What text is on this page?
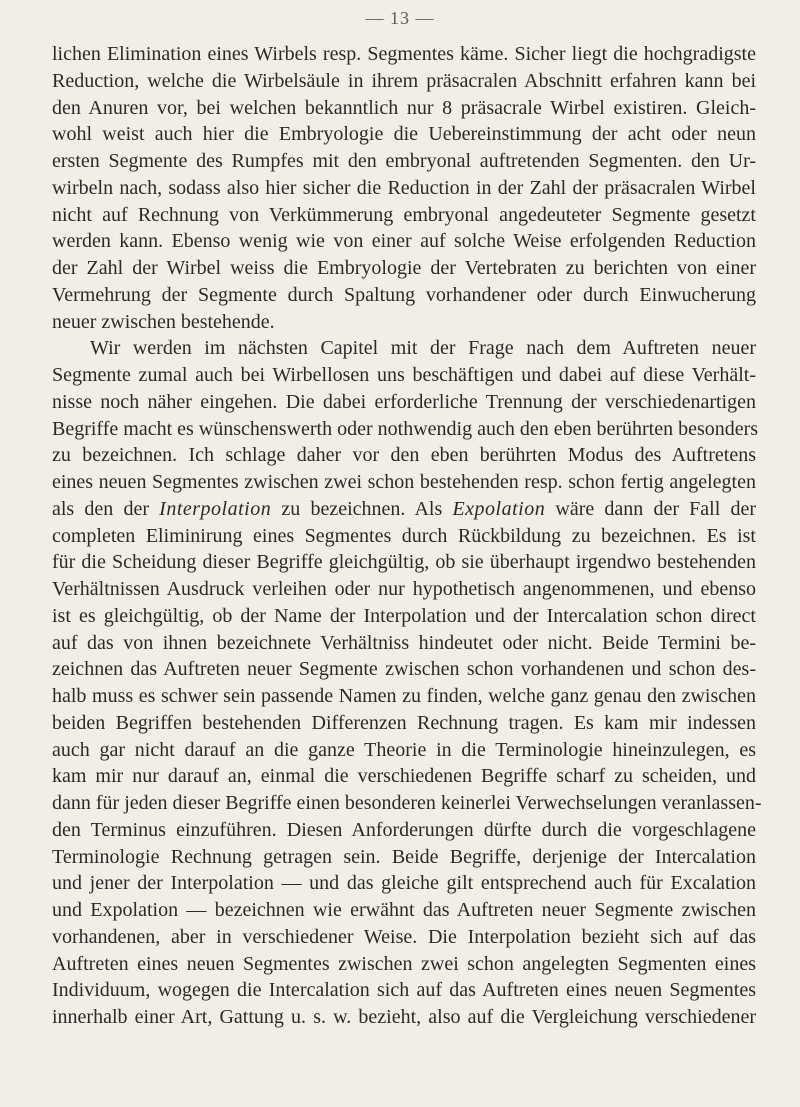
— 13 —
lichen Elimination eines Wirbels resp. Segmentes käme. Sicher liegt die hochgradigste
Reduction, welche die Wirbelsäule in ihrem präsacralen Abschnitt erfahren kann bei
den Anuren vor, bei welchen bekanntlich nur 8 präsacrale Wirbel existiren. Gleich-
wohl weist auch hier die Embryologie die Uebereinstimmung der acht oder neun
ersten Segmente des Rumpfes mit den embryonal auftretenden Segmenten. den Ur-
wirbeln nach, sodass also hier sicher die Reduction in der Zahl der präsacralen Wirbel
nicht auf Rechnung von Verkümmerung embryonal angedeuteter Segmente gesetzt
werden kann. Ebenso wenig wie von einer auf solche Weise erfolgenden Reduction
der Zahl der Wirbel weiss die Embryologie der Vertebraten zu berichten von einer
Vermehrung der Segmente durch Spaltung vorhandener oder durch Einwucherung
neuer zwischen bestehende.
Wir werden im nächsten Capitel mit der Frage nach dem Auftreten neuer
Segmente zumal auch bei Wirbellosen uns beschäftigen und dabei auf diese Verhält-
nisse noch näher eingehen. Die dabei erforderliche Trennung der verschiedenartigen
Begriffe macht es wünschenswerth oder nothwendig auch den eben berührten besonders
zu bezeichnen. Ich schlage daher vor den eben berührten Modus des Auftretens
eines neuen Segmentes zwischen zwei schon bestehenden resp. schon fertig angelegten
als den der Interpolation zu bezeichnen. Als Expolation wäre dann der Fall der
completen Eliminirung eines Segmentes durch Rückbildung zu bezeichnen. Es ist
für die Scheidung dieser Begriffe gleichgültig, ob sie überhaupt irgendwo bestehenden
Verhältnissen Ausdruck verleihen oder nur hypothetisch angenommenen, und ebenso
ist es gleichgültig, ob der Name der Interpolation und der Intercalation schon direct
auf das von ihnen bezeichnete Verhältniss hindeutet oder nicht. Beide Termini be-
zeichnen das Auftreten neuer Segmente zwischen schon vorhandenen und schon des-
halb muss es schwer sein passende Namen zu finden, welche ganz genau den zwischen
beiden Begriffen bestehenden Differenzen Rechnung tragen. Es kam mir indessen
auch gar nicht darauf an die ganze Theorie in die Terminologie hineinzulegen, es
kam mir nur darauf an, einmal die verschiedenen Begriffe scharf zu scheiden, und
dann für jeden dieser Begriffe einen besonderen keinerlei Verwechselungen veranlassen-
den Terminus einzuführen. Diesen Anforderungen dürfte durch die vorgeschlagene
Terminologie Rechnung getragen sein. Beide Begriffe, derjenige der Intercalation
und jener der Interpolation — und das gleiche gilt entsprechend auch für Excalation
und Expolation — bezeichnen wie erwähnt das Auftreten neuer Segmente zwischen
vorhandenen, aber in verschiedener Weise. Die Interpolation bezieht sich auf das
Auftreten eines neuen Segmentes zwischen zwei schon angelegten Segmenten eines
Individuum, wogegen die Intercalation sich auf das Auftreten eines neuen Segmentes
innerhalb einer Art, Gattung u. s. w. bezieht, also auf die Vergleichung verschiedener
